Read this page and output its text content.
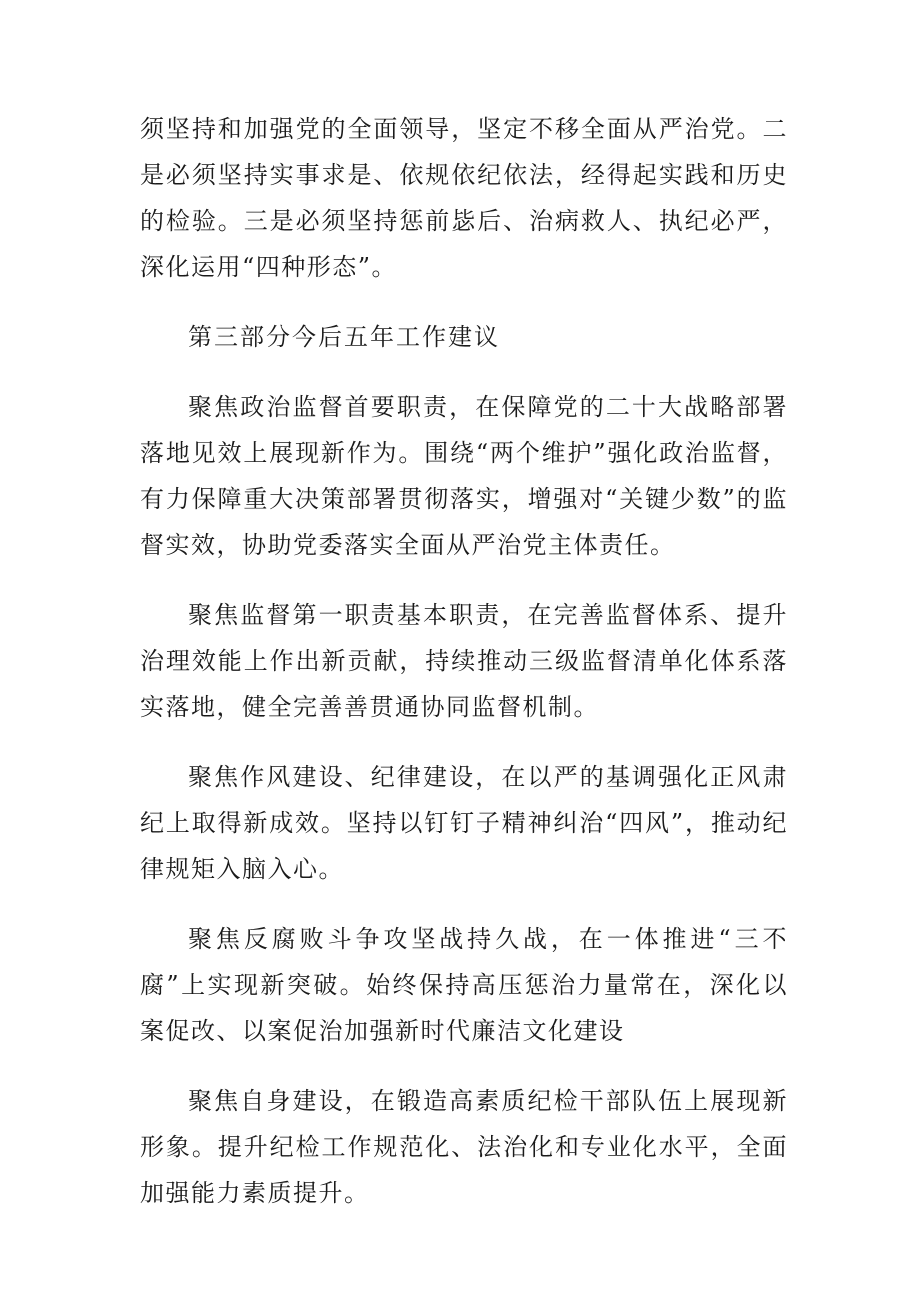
须坚持和加强党的全面领导，坚定不移全面从严治党。二是必须坚持实事求是、依规依纪依法，经得起实践和历史的检验。三是必须坚持惩前毖后、治病救人、执纪必严，深化运用“四种形态”。

第三部分今后五年工作建议

聚焦政治监督首要职责，在保障党的二十大战略部署落地见效上展现新作为。围绕“两个维护”强化政治监督，有力保障重大决策部署贯彻落实，增强对“关键少数”的监督实效，协助党委落实全面从严治党主体责任。

聚焦监督第一职责基本职责，在完善监督体系、提升治理效能上作出新贡献，持续推动三级监督清单化体系落实落地，健全完善善贯通协同监督机制。

聚焦作风建设、纪律建设，在以严的基调强化正风肃纪上取得新成效。坚持以钉钉子精神纠治“四风”，推动纪律规矩入脑入心。

聚焦反腐败斗争攻坚战持久战，在一体推进“三不腐”上实现新突破。始终保持高压惩治力量常在，深化以案促改、以案促治加强新时代廉洁文化建设

聚焦自身建设，在锻造高素质纪检干部队伍上展现新形象。提升纪检工作规范化、法治化和专业化水平，全面加强能力素质提升。
